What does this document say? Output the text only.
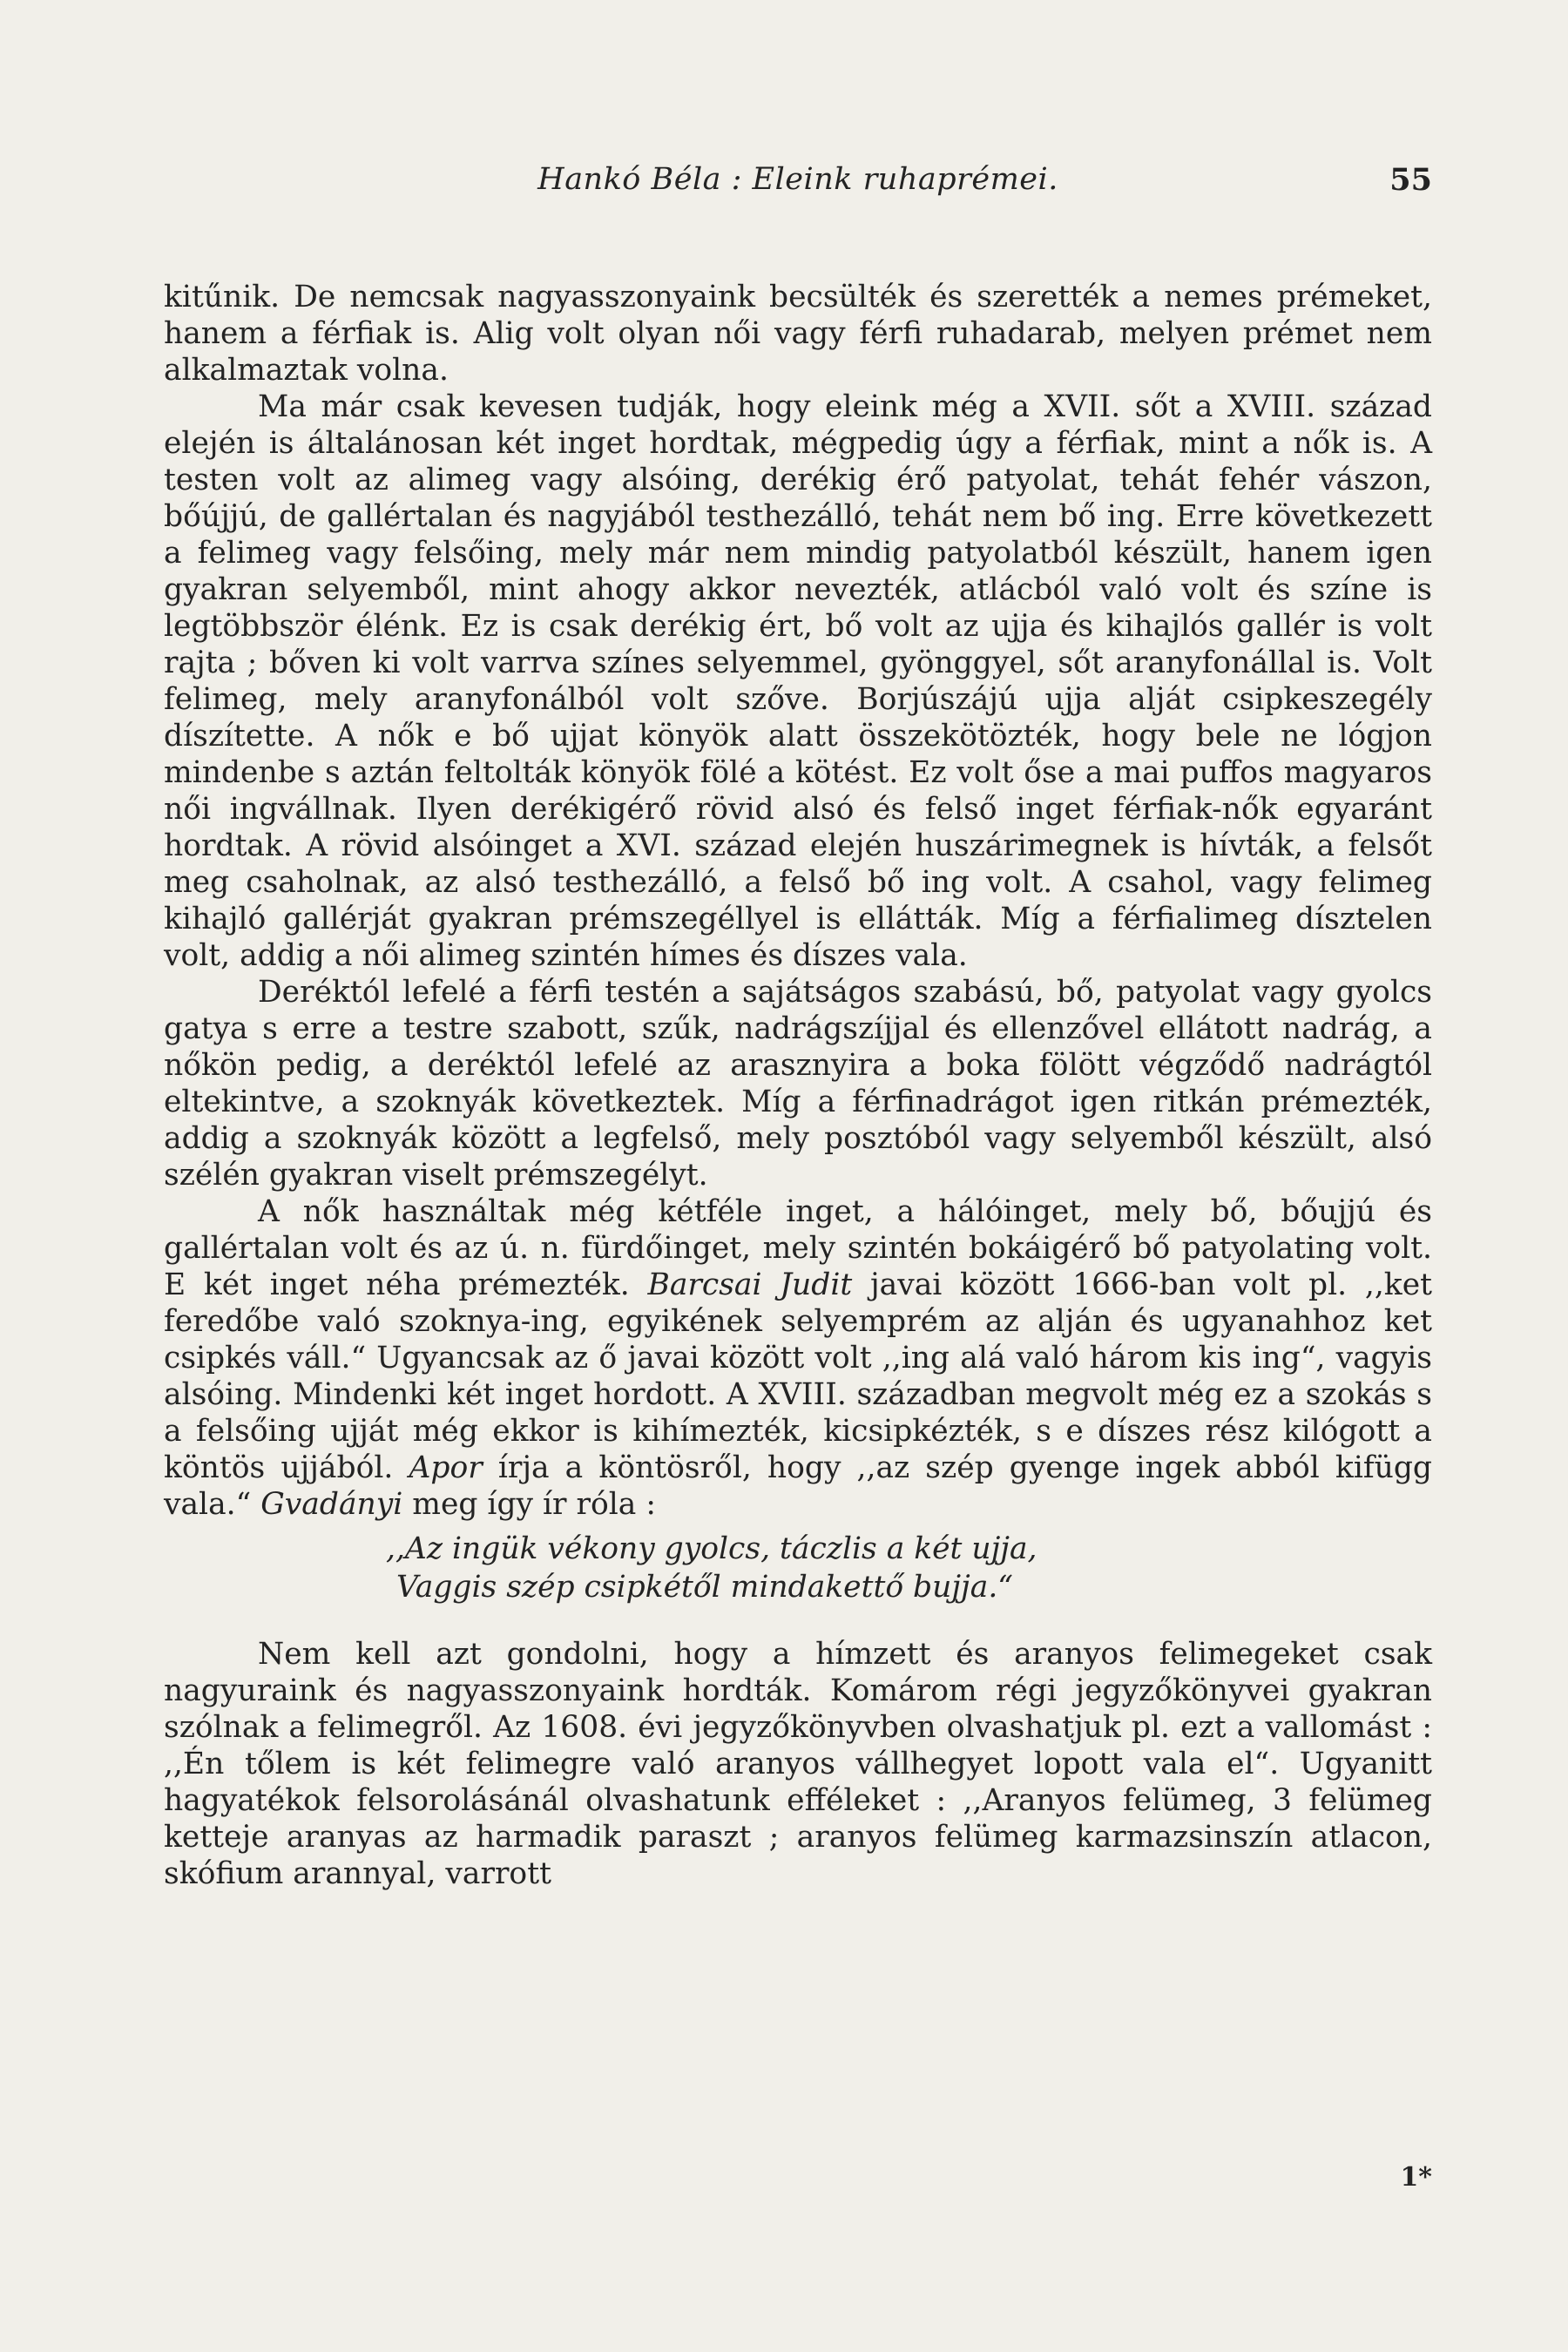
Hankó Béla : Eleink ruhaprémei.	55

kitűnik. De nemcsak nagyasszonyaink becsülték és szerették a nemes prémeket, hanem a férfiak is. Alig volt olyan női vagy férfi ruhadarab, melyen prémet nem alkalmaztak volna.

Ma már csak kevesen tudják, hogy eleink még a XVII. sőt a XVIII. század elején is általánosan két inget hordtak, mégpedig úgy a férfiak, mint a nők is. A testen volt az alimeg vagy alsóing, derékig érő patyolat, tehát fehér vászon, bőújjú, de gallértalan és nagyjából testhezálló, tehát nem bő ing. Erre következett a felimeg vagy felsőing, mely már nem mindig patyolatból készült, hanem igen gyakran selyemből, mint ahogy akkor nevezték, atlácból való volt és színe is legtöbbször élénk. Ez is csak derékig ért, bő volt az ujja és kihajlós gallér is volt rajta ; bőven ki volt varrva színes selyemmel, gyönggyel, sőt aranyfonállal is. Volt felimeg, mely aranyfonálból volt szőve. Borjúszájú ujja alját csipkeszegély díszítette. A nők e bő ujjat könyök alatt összekötözték, hogy bele ne lógjon mindenbe s aztán feltolták könyök fölé a kötést. Ez volt őse a mai puffos magyaros női ingvállnak. Ilyen derékigérő rövid alsó és felső inget férfiak-nők egyaránt hordtak. A rövid alsóinget a XVI. század elején huszárimegnek is hívták, a felsőt meg csaholnak, az alsó testhezálló, a felső bő ing volt. A csahol, vagy felimeg kihajló gallérját gyakran prémszegéllyel is ellátták. Míg a férfialimeg dísztelen volt, addig a női alimeg szintén hímes és díszes vala.

Deréktól lefelé a férfi testén a sajátságos szabású, bő, patyolat vagy gyolcs gatya s erre a testre szabott, szűk, nadrágszíjjal és ellenzővel ellátott nadrág, a nőkön pedig, a deréktól lefelé az arasznyira a boka fölött végződő nadrágtól eltekintve, a szoknyák következtek. Míg a férfinadrágot igen ritkán prémezték, addig a szoknyák között a legfelső, mely posztóból vagy selyemből készült, alsó szélén gyakran viselt prémszegélyt.

A nők használtak még kétféle inget, a hálóinget, mely bő, bőujjú és gallértalan volt és az ú. n. fürdőinget, mely szintén bokáigérő bő patyolating volt. E két inget néha prémezték. Barcsai Judit javai között 1666-ban volt pl. ,,ket feredőbe való szoknya-ing, egyikének selyemprém az alján és ugyanahhoz ket csipkés váll.“ Ugyancsak az ő javai között volt ,,ing alá való három kis ing“, vagyis alsóing. Mindenki két inget hordott. A XVIII. században megvolt még ez a szokás s a felsőing ujját még ekkor is kihímezték, kicsipkézték, s e díszes rész kilógott a köntös ujjából. Apor írja a köntösről, hogy ,,az szép gyenge ingek abból kifügg vala.“ Gvadányi meg így ír róla :

,,Az ingük vékony gyolcs, táczlis a két ujja,
Vaggis szép csipkétől mindakettő bujja.“

Nem kell azt gondolni, hogy a hímzett és aranyos felimegeket csak nagyuraink és nagyasszonyaink hordták. Komárom régi jegyzőkönyvei gyakran szólnak a felimegről. Az 1608. évi jegyzőkönyvben olvashatjuk pl. ezt a vallomást : ,,Én tőlem is két felimegre való aranyos vállhegyet lopott vala el“. Ugyanitt hagyatékok felsorolásánál olvashatunk efféleket : ,,Aranyos felümeg, 3 felümeg ketteje aranyas az harmadik paraszt ; aranyos felümeg karmazsinszín atlacon, skófium arannyal, varrott

1*
